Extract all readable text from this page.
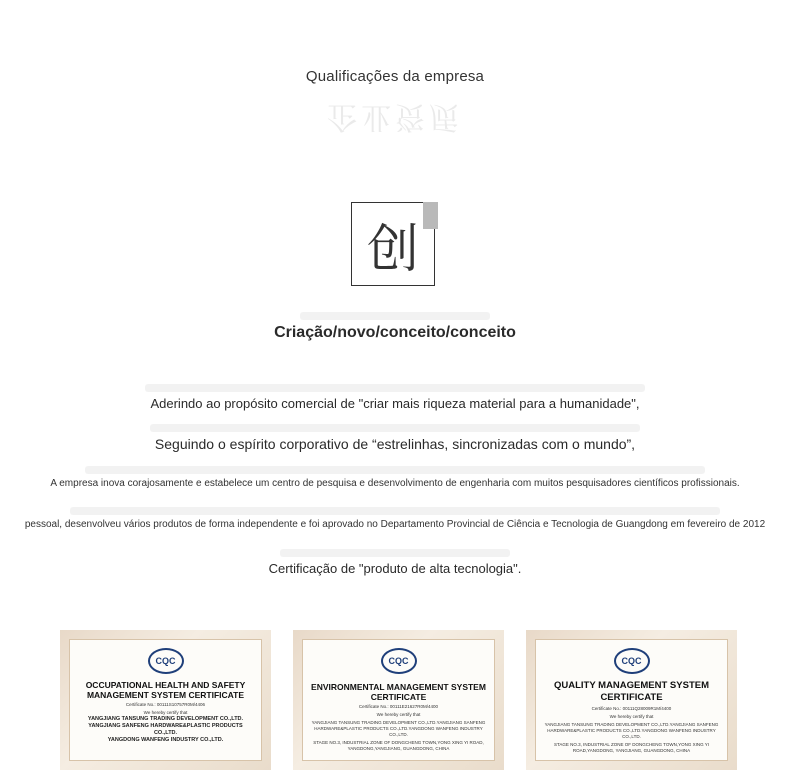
Qualificações da empresa
企业资质
创
Criação/novo/conceito/conceito
Aderindo ao propósito comercial de "criar mais riqueza material para a humanidade",
Seguindo o espírito corporativo de “estrelinhas, sincronizadas com o mundo”,
A empresa inova corajosamente e estabelece um centro de pesquisa e desenvolvimento de engenharia com muitos pesquisadores científicos profissionais.
pessoal, desenvolveu vários produtos de forma independente e foi aprovado no Departamento Provincial de Ciência e Tecnologia de Guangdong em fevereiro de 2012
Certificação de "produto de alta tecnologia".
CQC
OCCUPATIONAL HEALTH AND SAFETY MANAGEMENT SYSTEM CERTIFICATE
Certificate No.: 00111S10757R0M/4406
We hereby certify that
YANGJIANG TANSUNG TRADING DEVELOPMENT CO.,LTD.
YANGJIANG SANFENG HARDWARE&PLASTIC PRODUCTS CO.,LTD.
YANGDONG WANFENG INDUSTRY CO.,LTD.
CQC
ENVIRONMENTAL MANAGEMENT SYSTEM CERTIFICATE
Certificate No.: 00111E21627R0M/4400
We hereby certify that
YANGJIANG TANSUNG TRADING DEVELOPMENT CO.,LTD.YANGJIANG SANFENG HARDWARE&PLASTIC PRODUCTS CO.,LTD.YANGDONG WANFENG INDUSTRY CO.,LTD.
STAGE NO.3, INDUSTRIAL ZONE OF DONGCHENG TOWN,YONG XING YI ROAD, YANGDONG,YANGJIANG, GUANGDONG, CHINA
CQC
QUALITY MANAGEMENT SYSTEM CERTIFICATE
Certificate No.: 00111Q28009R1M/4400
We hereby certify that
YANGJIANG TANSUNG TRADING DEVELOPMENT CO.,LTD.YANGJIANG SANFENG HARDWARE&PLASTIC PRODUCTS CO.,LTD.YANGDONG WANFENG INDUSTRY CO.,LTD.
STAGE NO.3, INDUSTRIAL ZONE OF DONGCHENG TOWN,YONG XING YI ROAD,YANGDONG, YANGJIANG, GUANGDONG, CHINA
